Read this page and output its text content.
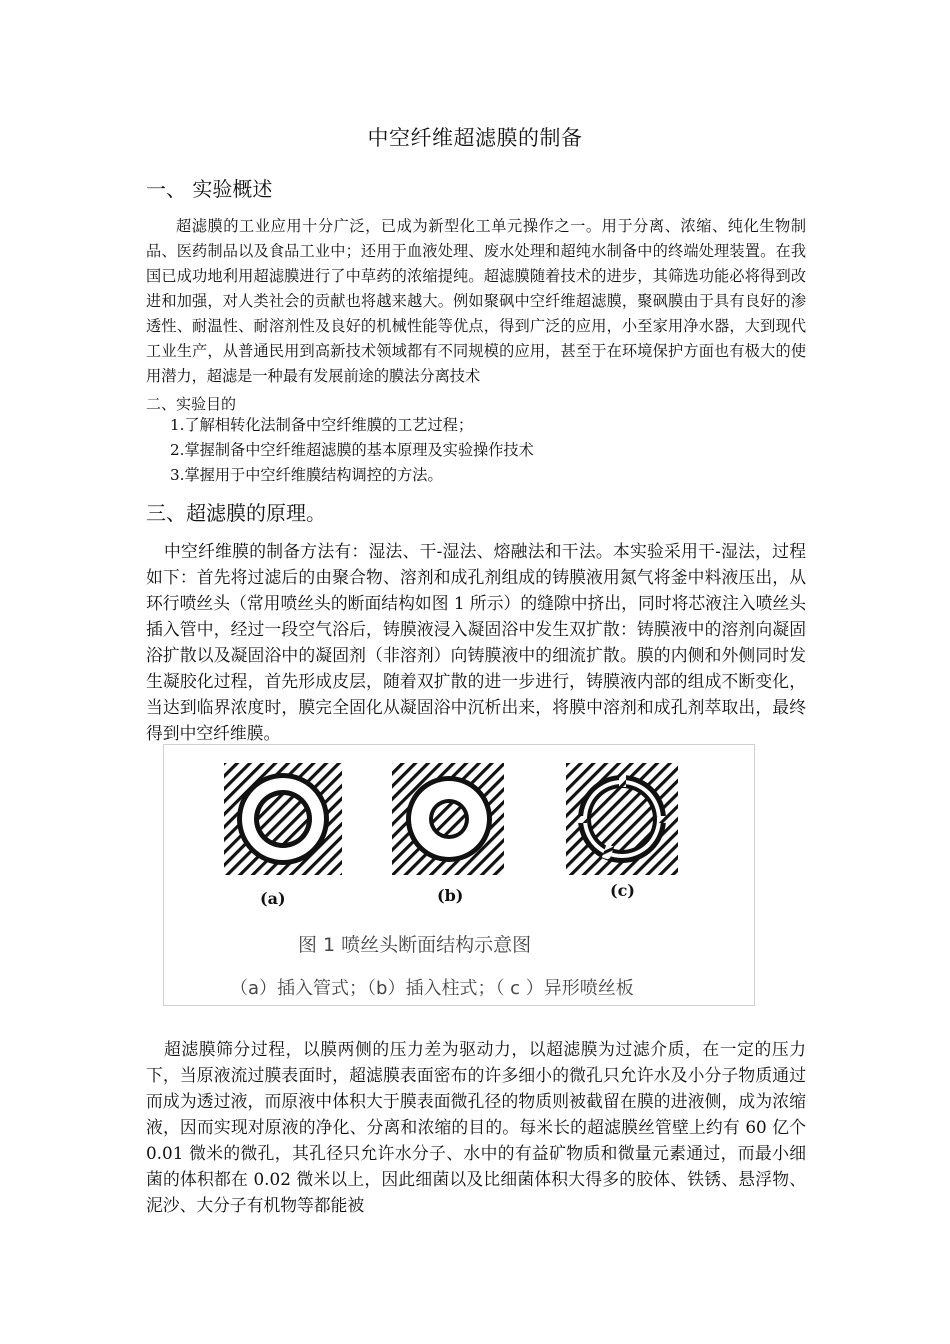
中空纤维超滤膜的制备
一、 实验概述
超滤膜的工业应用十分广泛，已成为新型化工单元操作之一。用于分离、浓缩、纯化生物制品、医药制品以及食品工业中；还用于血液处理、废水处理和超纯水制备中的终端处理装置。在我国已成功地利用超滤膜进行了中草药的浓缩提纯。超滤膜随着技术的进步，其筛选功能必将得到改进和加强，对人类社会的贡献也将越来越大。例如聚砜中空纤维超滤膜，聚砜膜由于具有良好的渗透性、耐温性、耐溶剂性及良好的机械性能等优点，得到广泛的应用，小至家用净水器，大到现代工业生产，从普通民用到高新技术领域都有不同规模的应用，甚至于在环境保护方面也有极大的使用潜力，超滤是一种最有发展前途的膜法分离技术
二、实验目的
1.了解相转化法制备中空纤维膜的工艺过程；
2.掌握制备中空纤维超滤膜的基本原理及实验操作技术
3.掌握用于中空纤维膜结构调控的方法。
三、超滤膜的原理。
中空纤维膜的制备方法有：湿法、干-湿法、熔融法和干法。本实验采用干-湿法，过程如下：首先将过滤后的由聚合物、溶剂和成孔剂组成的铸膜液用氮气将釜中料液压出，从环行喷丝头（常用喷丝头的断面结构如图 1 所示）的缝隙中挤出，同时将芯液注入喷丝头插入管中，经过一段空气浴后，铸膜液浸入凝固浴中发生双扩散：铸膜液中的溶剂向凝固浴扩散以及凝固浴中的凝固剂（非溶剂）向铸膜液中的细流扩散。膜的内侧和外侧同时发生凝胶化过程，首先形成皮层，随着双扩散的进一步进行，铸膜液内部的组成不断变化，当达到临界浓度时，膜完全固化从凝固浴中沉析出来，将膜中溶剂和成孔剂萃取出，最终得到中空纤维膜。
(a)	(b)	(c)
图 1 喷丝头断面结构示意图
（a）插入管式；（b）插入柱式；（ c ）异形喷丝板
超滤膜筛分过程，以膜两侧的压力差为驱动力，以超滤膜为过滤介质，在一定的压力下，当原液流过膜表面时，超滤膜表面密布的许多细小的微孔只允许水及小分子物质通过而成为透过液，而原液中体积大于膜表面微孔径的物质则被截留在膜的进液侧，成为浓缩液，因而实现对原液的净化、分离和浓缩的目的。每米长的超滤膜丝管壁上约有 60 亿个 0.01 微米的微孔，其孔径只允许水分子、水中的有益矿物质和微量元素通过，而最小细菌的体积都在 0.02 微米以上，因此细菌以及比细菌体积大得多的胶体、铁锈、悬浮物、泥沙、大分子有机物等都能被
